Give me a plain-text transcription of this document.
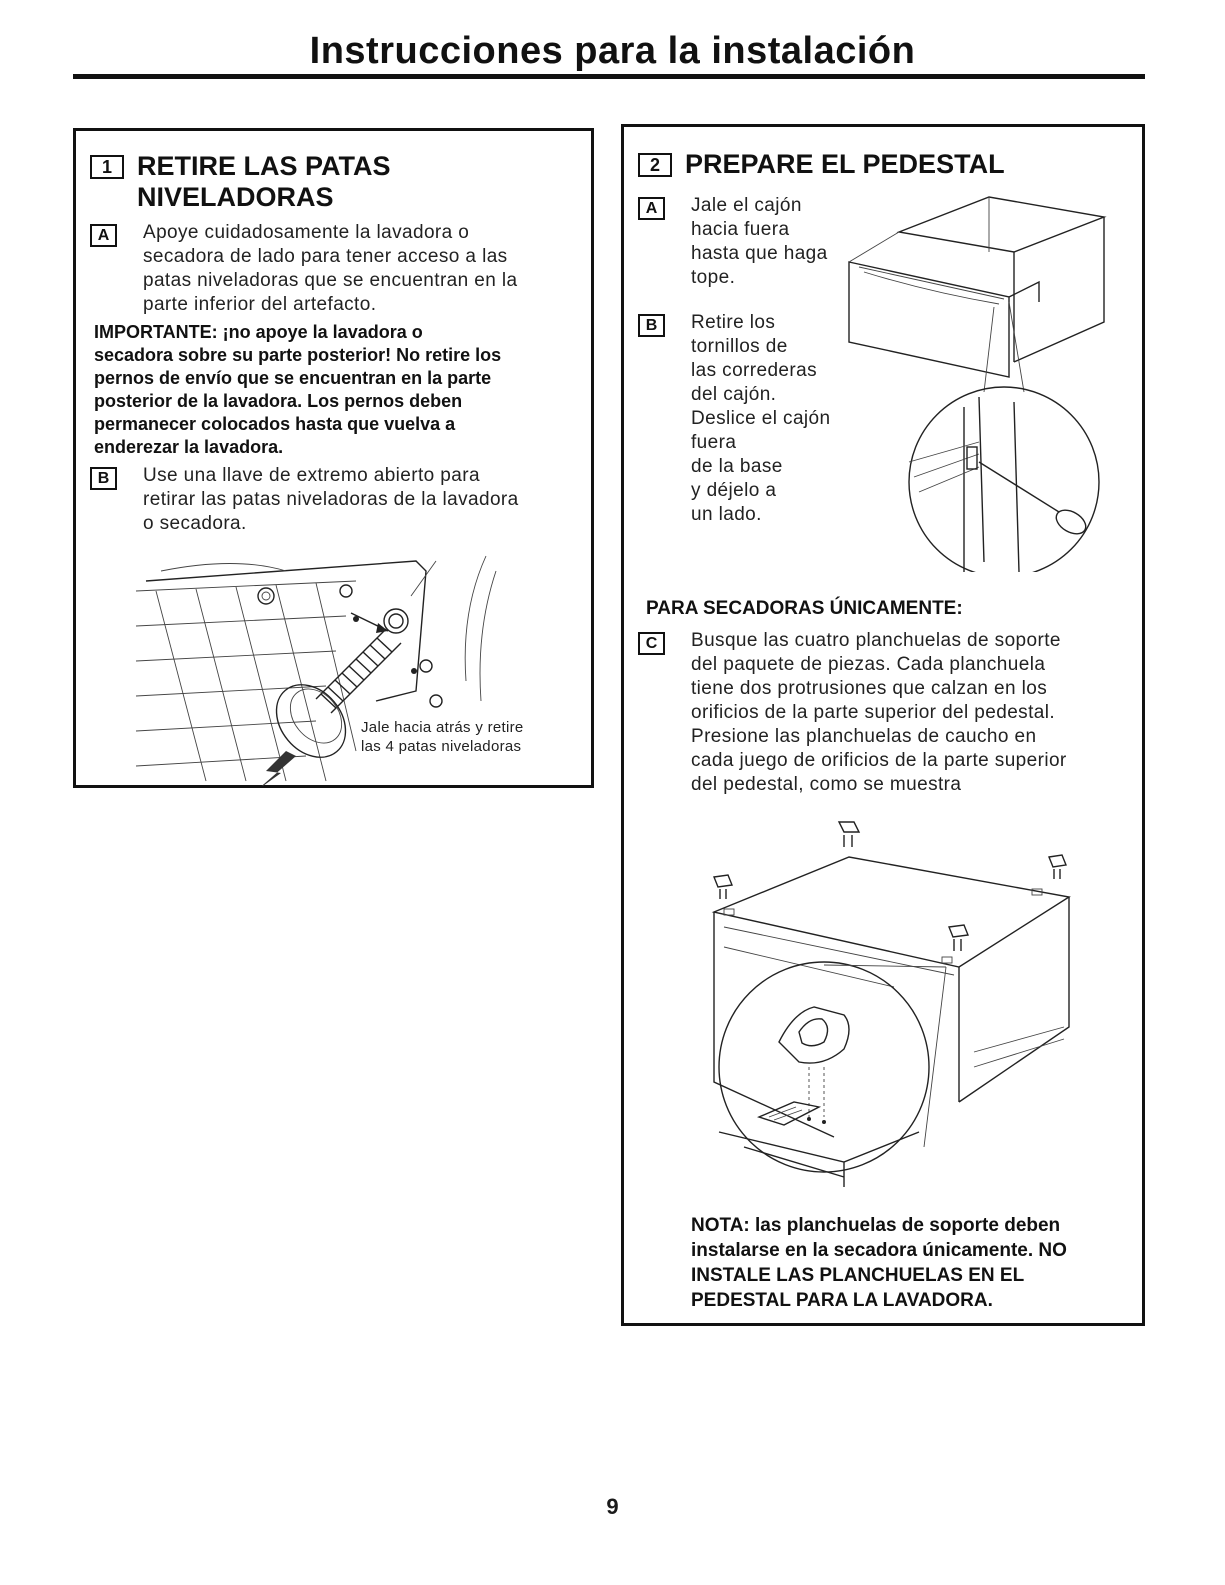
Instrucciones para la instalación
1 RETIRE LAS PATAS
NIVELADORAS
A	Apoye cuidadosamente la lavadora o
secadora de lado para tener acceso a las
patas niveladoras que se encuentran en la
parte inferior del artefacto.
IMPORTANTE: ¡no apoye la lavadora o
secadora sobre su parte posterior! No retire los
pernos de envío que se encuentran en la parte
posterior de la lavadora. Los pernos deben
permanecer colocados hasta que vuelva a
enderezar la lavadora.
B	Use una llave de extremo abierto para
retirar las patas niveladoras de la lavadora
o secadora.
Jale hacia atrás y retire
las 4 patas niveladoras
2 PREPARE EL PEDESTAL
A	Jale el cajón
hacia fuera
hasta que haga
tope.
B	Retire los
tornillos de
las correderas
del cajón.
Deslice el cajón
fuera
de la base
y déjelo a
un lado.
PARA SECADORAS ÚNICAMENTE:
C	Busque las cuatro planchuelas de soporte
del paquete de piezas. Cada planchuela
tiene dos protrusiones que calzan en los
orificios de la parte superior del pedestal.
Presione las planchuelas de caucho en
cada juego de orificios de la parte superior
del pedestal, como se muestra
NOTA: las planchuelas de soporte deben
instalarse en la secadora únicamente. NO
INSTALE LAS PLANCHUELAS EN EL
PEDESTAL PARA LA LAVADORA.
9
